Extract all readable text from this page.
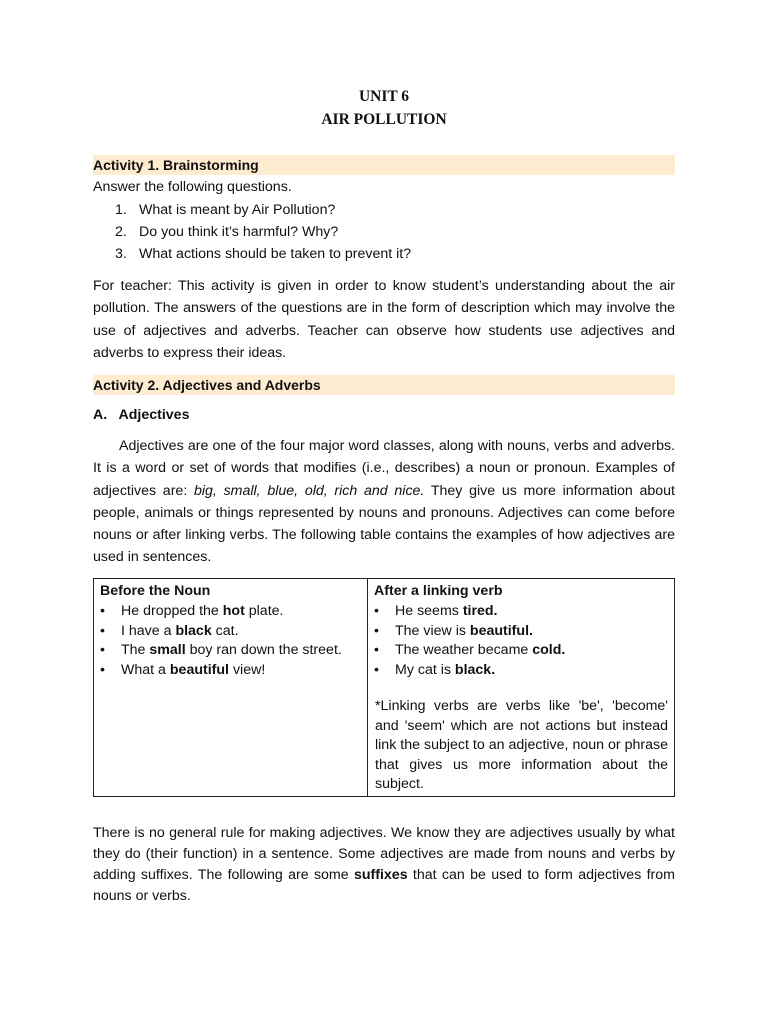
UNIT 6
AIR POLLUTION
Activity 1. Brainstorming
Answer the following questions.
1. What is meant by Air Pollution?
2. Do you think it’s harmful? Why?
3. What actions should be taken to prevent it?
For teacher: This activity is given in order to know student’s understanding about the air pollution. The answers of the questions are in the form of description which may involve the use of adjectives and adverbs. Teacher can observe how students use adjectives and adverbs to express their ideas.
Activity 2. Adjectives and Adverbs
A.   Adjectives
Adjectives are one of the four major word classes, along with nouns, verbs and adverbs. It is a word or set of words that modifies (i.e., describes) a noun or pronoun. Examples of adjectives are: big, small, blue, old, rich and nice. They give us more information about people, animals or things represented by nouns and pronouns. Adjectives can come before nouns or after linking verbs. The following table contains the examples of how adjectives are used in sentences.
Before the Noun
• He dropped the hot plate.
• I have a black cat.
• The small boy ran down the street.
• What a beautiful view!
After a linking verb
• He seems tired.
• The view is beautiful.
• The weather became cold.
• My cat is black.
*Linking verbs are verbs like 'be', 'become' and 'seem' which are not actions but instead link the subject to an adjective, noun or phrase that gives us more information about the subject.
There is no general rule for making adjectives. We know they are adjectives usually by what they do (their function) in a sentence. Some adjectives are made from nouns and verbs by adding suffixes. The following are some suffixes that can be used to form adjectives from nouns or verbs.
